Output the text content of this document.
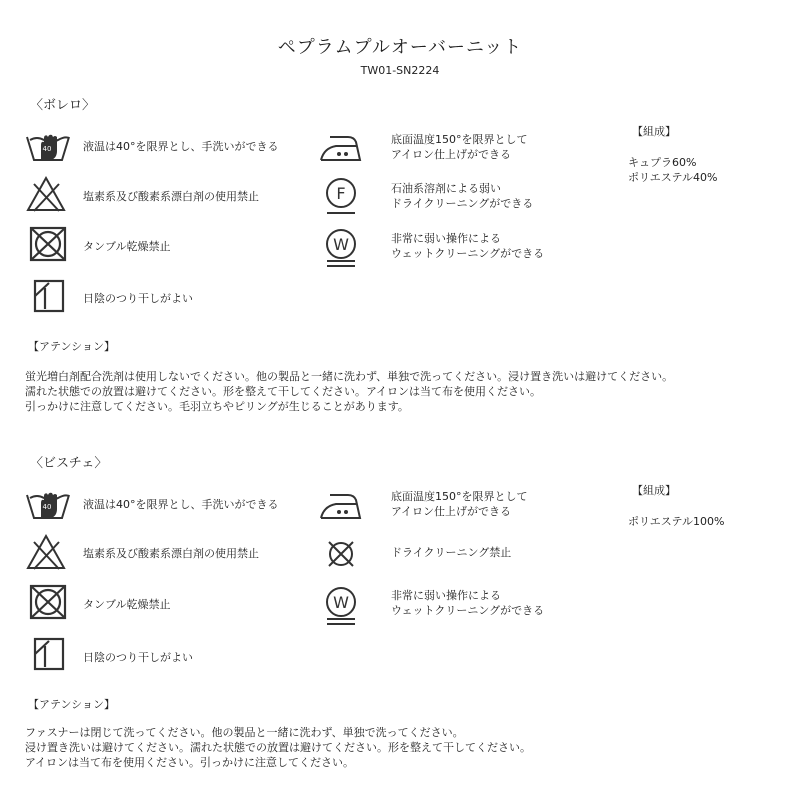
ペプラムプルオーバーニット
TW01-SN2224
〈ボレロ〉
40	液温は40°を限界とし、手洗いができる
塩素系及び酸素系漂白剤の使用禁止
タンブル乾燥禁止
日陰のつり干しがよい
底面温度150°を限界として
アイロン仕上げができる
F	石油系溶剤による弱い
ドライクリーニングができる
W	非常に弱い操作による
ウェットクリーニングができる
【組成】
キュプラ60%
ポリエステル40%
【アテンション】
蛍光増白剤配合洗剤は使用しないでください。他の製品と一緒に洗わず、単独で洗ってください。浸け置き洗いは避けてください。
濡れた状態での放置は避けてください。形を整えて干してください。アイロンは当て布を使用ください。
引っかけに注意してください。毛羽立ちやピリングが生じることがあります。
〈ビスチェ〉
40	液温は40°を限界とし、手洗いができる
塩素系及び酸素系漂白剤の使用禁止
タンブル乾燥禁止
日陰のつり干しがよい
底面温度150°を限界として
アイロン仕上げができる
ドライクリーニング禁止
W	非常に弱い操作による
ウェットクリーニングができる
【組成】
ポリエステル100%
【アテンション】
ファスナーは閉じて洗ってください。他の製品と一緒に洗わず、単独で洗ってください。
浸け置き洗いは避けてください。濡れた状態での放置は避けてください。形を整えて干してください。
アイロンは当て布を使用ください。引っかけに注意してください。
